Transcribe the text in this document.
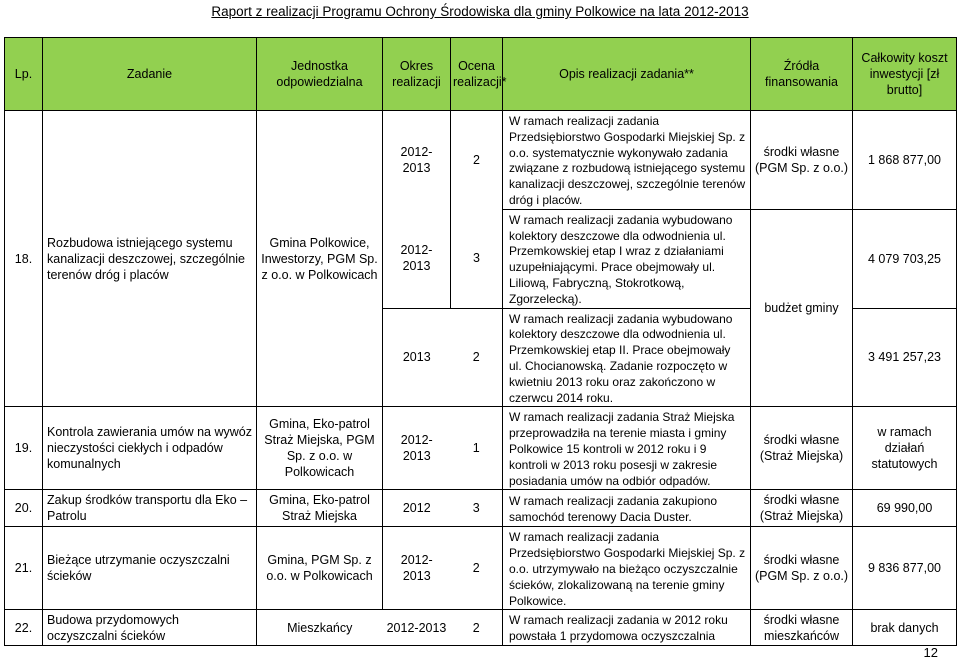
Raport z realizacji Programu Ochrony Środowiska dla gminy Polkowice na lata 2012-2013
Lp.	Zadanie	Jednostka odpowiedzialna	Okres realizacji	Ocena realizacji*	Opis realizacji zadania**	Źródła finansowania	Całkowity koszt inwestycji [zł brutto]
18.	Rozbudowa istniejącego systemu kanalizacji deszczowej, szczególnie terenów dróg i placów	Gmina Polkowice, Inwestorzy, PGM Sp. z o.o. w Polkowicach	2012-2013	2	W ramach realizacji zadania Przedsiębiorstwo Gospodarki Miejskiej Sp. z o.o. systematycznie wykonywało zadania związane z rozbudową istniejącego systemu kanalizacji deszczowej, szczególnie terenów dróg i placów.	środki własne (PGM Sp. z o.o.)	1 868 877,00
			2012-2013	3	W ramach realizacji zadania wybudowano kolektory deszczowe dla odwodnienia ul. Przemkowskiej etap I wraz z działaniami uzupełniającymi. Prace obejmowały ul. Liliową, Fabryczną, Stokrotkową, Zgorzelecką).	budżet gminy	4 079 703,25
			2013	2	W ramach realizacji zadania wybudowano kolektory deszczowe dla odwodnienia ul. Przemkowskiej etap II. Prace obejmowały ul. Chocianowską. Zadanie rozpoczęto w kwietniu 2013 roku oraz zakończono w czerwcu 2014 roku.		3 491 257,23
19.	Kontrola zawierania umów na wywóz nieczystości ciekłych i odpadów komunalnych	Gmina, Eko-patrol Straż Miejska, PGM Sp. z o.o. w Polkowicach	2012-2013	1	W ramach realizacji zadania Straż Miejska przeprowadziła na terenie miasta i gminy Polkowice 15 kontroli w 2012 roku i 9 kontroli w 2013 roku posesji w zakresie posiadania umów na odbiór odpadów.	środki własne (Straż Miejska)	w ramach działań statutowych
20.	Zakup środków transportu dla Eko – Patrolu	Gmina, Eko-patrol Straż Miejska	2012	3	W ramach realizacji zadania zakupiono samochód terenowy Dacia Duster.	środki własne (Straż Miejska)	69 990,00
21.	Bieżące utrzymanie oczyszczalni ścieków	Gmina, PGM Sp. z o.o. w Polkowicach	2012-2013	2	W ramach realizacji zadania Przedsiębiorstwo Gospodarki Miejskiej Sp. z o.o. utrzymywało na bieżąco oczyszczalnie ścieków, zlokalizowaną na terenie gminy Polkowice.	środki własne (PGM Sp. z o.o.)	9 836 877,00
22.	Budowa przydomowych oczyszczalni ścieków	Mieszkańcy	2012-2013	2	W ramach realizacji zadania w 2012 roku powstała 1 przydomowa oczyszczalnia	środki własne mieszkańców	brak danych
12
